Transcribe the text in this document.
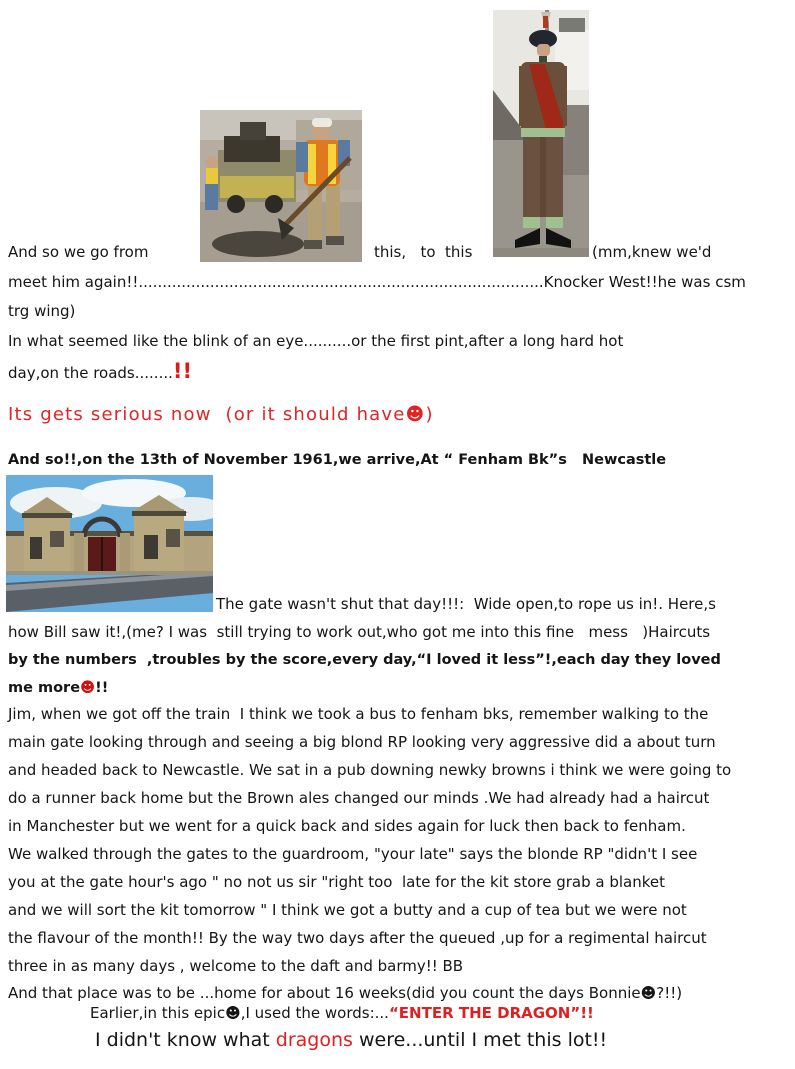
And so we go from	this,   to  this	(mm,knew we'd
meet him again!!.....................................................................................Knocker West!!he was csm
trg wing)
In what seemed like the blink of an eye..........or the first pint,after a long hard hot
day,on the roads........!!
Its gets serious now  (or it should have☻)
And so!!,on the 13th of November 1961,we arrive,At “ Fenham Bk”s   Newcastle
The gate wasn't shut that day!!!:  Wide open,to rope us in!. Here,s
how Bill saw it!,(me? I was  still trying to work out,who got me into this fine   mess   )Haircuts
by the numbers  ,troubles by the score,every day,“I loved it less”!,each day they loved
me more☻!!
Jim, when we got off the train  I think we took a bus to fenham bks, remember walking to the
main gate looking through and seeing a big blond RP looking very aggressive did a about turn
and headed back to Newcastle. We sat in a pub downing newky browns i think we were going to
do a runner back home but the Brown ales changed our minds .We had already had a haircut
in Manchester but we went for a quick back and sides again for luck then back to fenham.
We walked through the gates to the guardroom, "your late" says the blonde RP "didn't I see
you at the gate hour's ago " no not us sir "right too  late for the kit store grab a blanket
and we will sort the kit tomorrow " I think we got a butty and a cup of tea but we were not
the flavour of the month!! By the way two days after the queued ,up for a regimental haircut
three in as many days , welcome to the daft and barmy!! BB
And that place was to be ...home for about 16 weeks(did you count the days Bonnie☻?!!)
Earlier,in this epic☻,I used the words:...“ENTER THE DRAGON”!!
I didn't know what dragons were...until I met this lot!!
